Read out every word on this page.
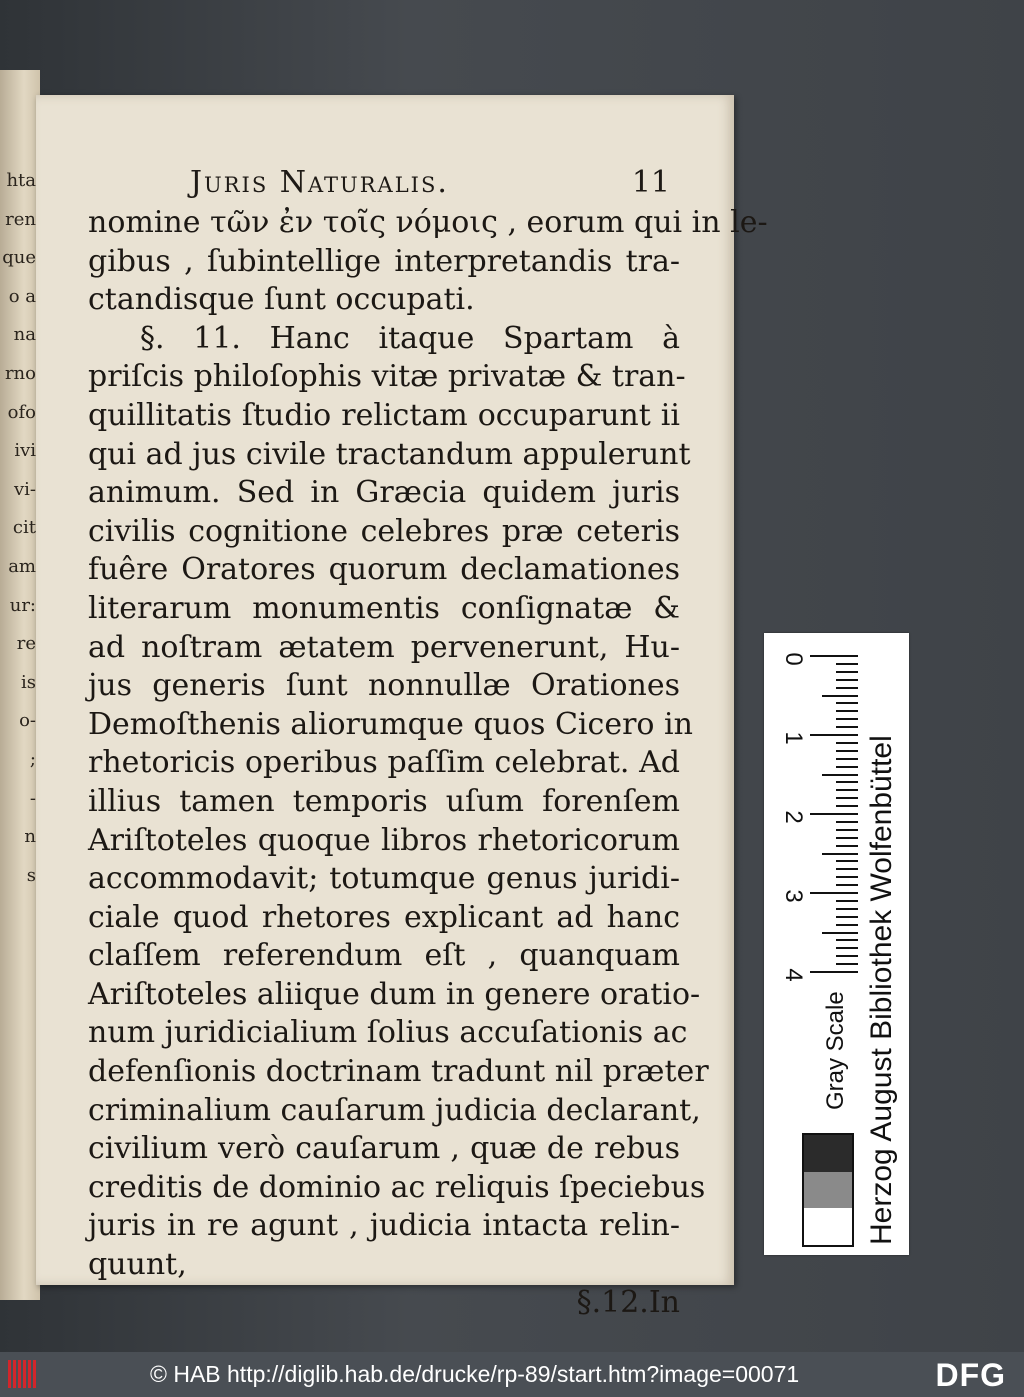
hta
ren
que
o a
na
rno
ofo
ivi
vi-
cit
am
ur:
re
is
o-
;
-
n
s
Juris Naturalis.	11
nomine τῶν ἐν τοῖς νόμοις , eorum qui in le-
gibus , ſubintellige interpretandis tra-
ctandisque ſunt occupati.
§. 11. Hanc itaque Spartam à
priſcis philoſophis vitæ privatæ & tran-
quillitatis ſtudio relictam occuparunt ii
qui ad jus civile tractandum appulerunt
animum. Sed in Græcia quidem juris
civilis cognitione celebres præ ceteris
fuêre Oratores quorum declamationes
literarum monumentis conſignatæ &
ad noſtram ætatem pervenerunt, Hu-
jus generis ſunt nonnullæ Orationes
Demoſthenis aliorumque quos Cicero in
rhetoricis operibus paſſim celebrat. Ad
illius tamen temporis uſum forenſem
Ariſtoteles quoque libros rhetoricorum
accommodavit; totumque genus juridi-
ciale quod rhetores explicant ad hanc
claſſem referendum eſt , quanquam
Ariſtoteles aliique dum in genere oratio-
num juridicialium ſolius accuſationis ac
defenſionis doctrinam tradunt nil præter
criminalium cauſarum judicia declarant,
civilium verò cauſarum , quæ de rebus
creditis de dominio ac reliquis ſpeciebus
juris in re agunt , judicia intacta relin-
quunt,
§.12.In
0
1
2
3
4 Herzog August Bibliothek Wolfenbüttel
Gray Scale
© HAB http://diglib.hab.de/drucke/rp-89/start.htm?image=00071	DFG
